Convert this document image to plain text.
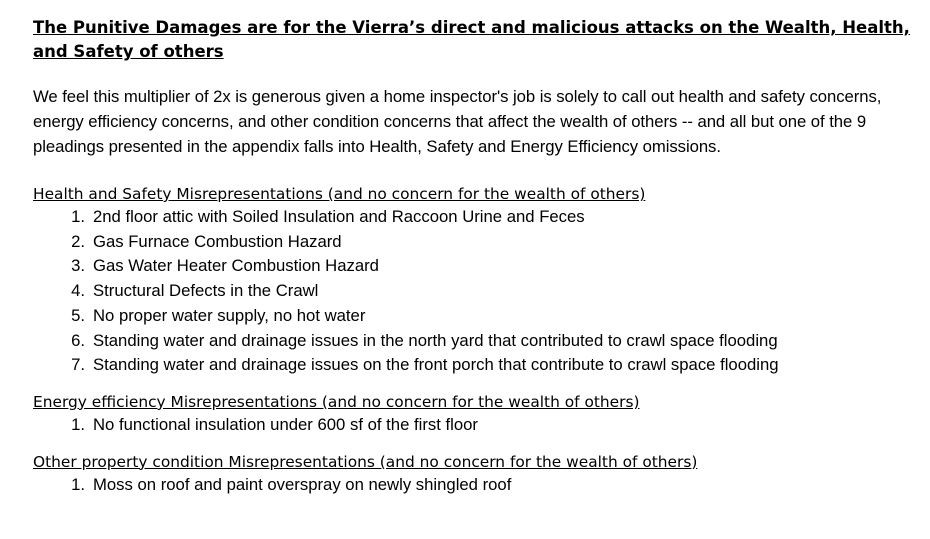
The Punitive Damages are for the Vierra’s direct and malicious attacks on the Wealth, Health, and Safety of others

We feel this multiplier of 2x is generous given a home inspector's job is solely to call out health and safety concerns, energy efficiency concerns, and other condition concerns that affect the wealth of others -- and all but one of the 9 pleadings presented in the appendix falls into Health, Safety and Energy Efficiency omissions.

Health and Safety Misrepresentations (and no concern for the wealth of others)

1. 2nd floor attic with Soiled Insulation and Raccoon Urine and Feces
2. Gas Furnace Combustion Hazard
3. Gas Water Heater Combustion Hazard
4. Structural Defects in the Crawl
5. No proper water supply, no hot water
6. Standing water and drainage issues in the north yard that contributed to crawl space flooding
7. Standing water and drainage issues on the front porch that contribute to crawl space flooding

Energy efficiency Misrepresentations (and no concern for the wealth of others)

1. No functional insulation under 600 sf of the first floor

Other property condition Misrepresentations (and no concern for the wealth of others)

1. Moss on roof and paint overspray on newly shingled roof
